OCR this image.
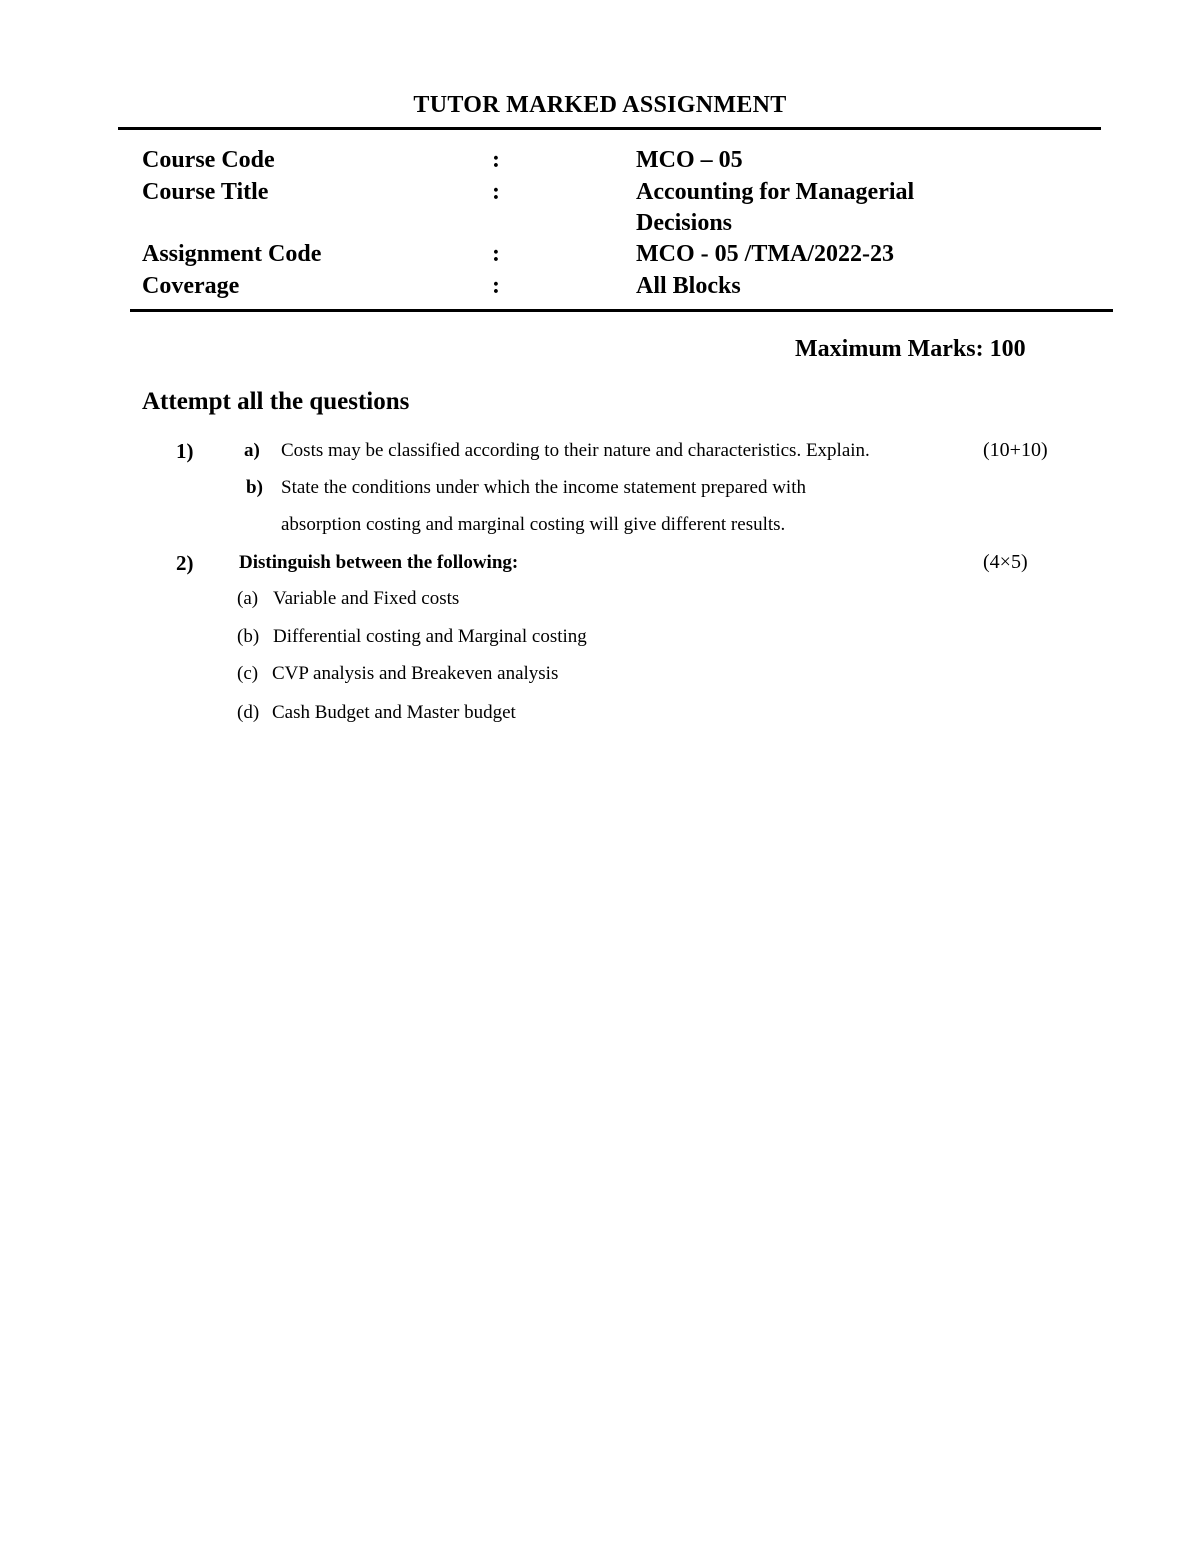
TUTOR MARKED ASSIGNMENT
Course Code	:	MCO – 05
Course Title	:	Accounting for Managerial
Decisions
Assignment Code	:	MCO - 05 /TMA/2022-23
Coverage	:	All Blocks
Maximum Marks: 100
Attempt all the questions
1)	a) Costs may be classified according to their nature and characteristics. Explain.	(10+10)
b) State the conditions under which the income statement prepared with
absorption costing and marginal costing will give different results.
2) Distinguish between the following:	(4×5)
(a) Variable and Fixed costs
(b) Differential costing and Marginal costing
(c) CVP analysis and Breakeven analysis
(d) Cash Budget and Master budget
